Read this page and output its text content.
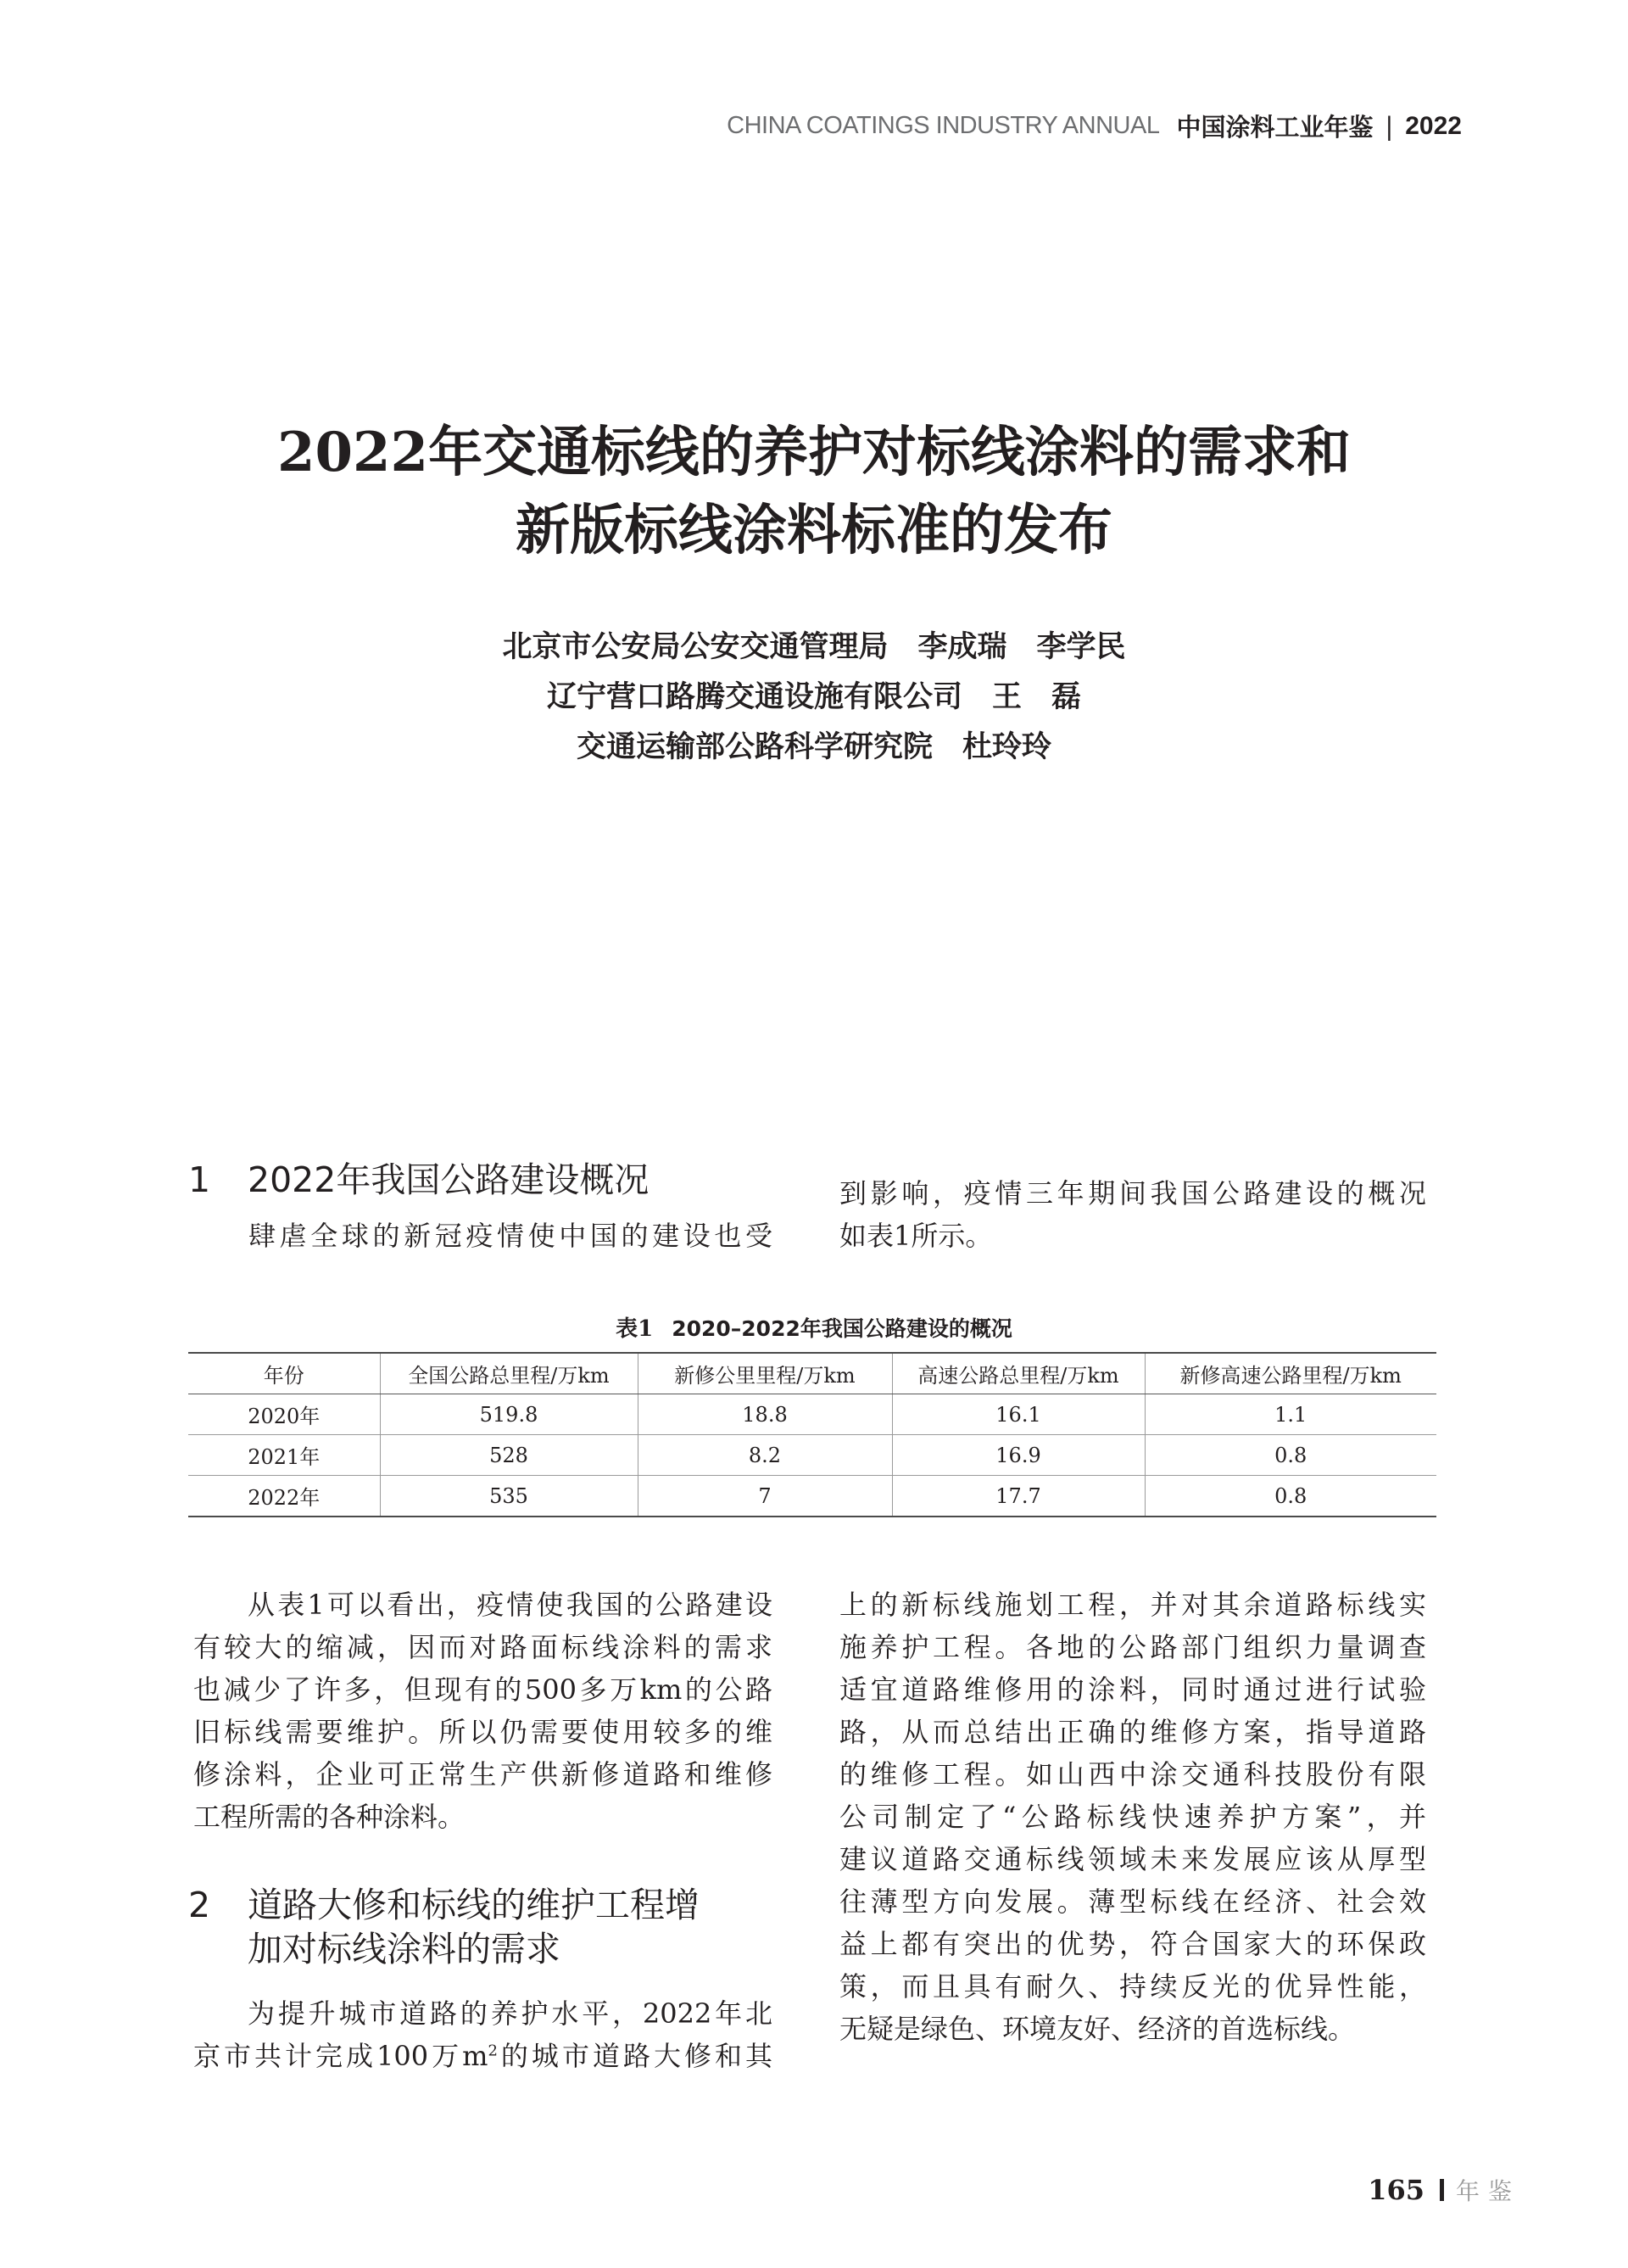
CHINA COATINGS INDUSTRY ANNUAL 中国涂料工业年鉴 | 2022
2022年交通标线的养护对标线涂料的需求和
新版标线涂料标准的发布
北京市公安局公安交通管理局　李成瑞　李学民
辽宁营口路腾交通设施有限公司　王　磊
交通运输部公路科学研究院　杜玲玲
1 2022年我国公路建设概况
肆虐全球的新冠疫情使中国的建设也受
到影响，疫情三年期间我国公路建设的概况
如表1所示。
表1 2020–2022年我国公路建设的概况
年份	全国公路总里程/万km	新修公里里程/万km	高速公路总里程/万km	新修高速公路里程/万km
2020年	519.8	18.8	16.1	1.1
2021年	528	8.2	16.9	0.8
2022年	535	7	17.7	0.8
从表1可以看出，疫情使我国的公路建设
有较大的缩减，因而对路面标线涂料的需求
也减少了许多，但现有的500多万km的公路
旧标线需要维护。所以仍需要使用较多的维
修涂料，企业可正常生产供新修道路和维修
工程所需的各种涂料。
2 道路大修和标线的维护工程增
加对标线涂料的需求
为提升城市道路的养护水平，2022年北
京市共计完成100万$m^2$的城市道路大修和其
上的新标线施划工程，并对其余道路标线实
施养护工程。各地的公路部门组织力量调查
适宜道路维修用的涂料，同时通过进行试验
路，从而总结出正确的维修方案，指导道路
的维修工程。如山西中涂交通科技股份有限
公司制定了“公路标线快速养护方案”，并
建议道路交通标线领域未来发展应该从厚型
往薄型方向发展。薄型标线在经济、社会效
益上都有突出的优势，符合国家大的环保政
策，而且具有耐久、持续反光的优异性能，
无疑是绿色、环境友好、经济的首选标线。
165 年鉴
